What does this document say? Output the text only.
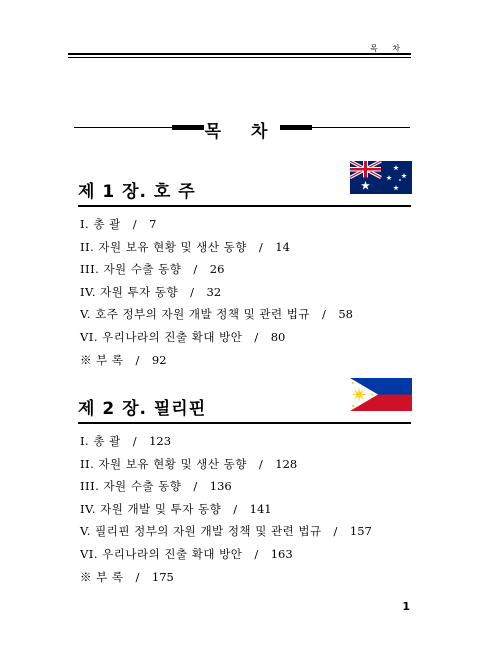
목 차
목 차
제 1 장. 호 주
I. 총 괄 / 7
II. 자원 보유 현황 및 생산 동향 / 14
III. 자원 수출 동향 / 26
IV. 자원 투자 동향 / 32
V. 호주 정부의 자원 개발 정책 및 관련 법규 / 58
VI. 우리나라의 진출 확대 방안 / 80
※ 부 록 / 92
제 2 장. 필리핀
I. 총 괄 / 123
II. 자원 보유 현황 및 생산 동향 / 128
III. 자원 수출 동향 / 136
IV. 자원 개발 및 투자 동향 / 141
V. 필리핀 정부의 자원 개발 정책 및 관련 법규 / 157
VI. 우리나라의 진출 확대 방안 / 163
※ 부 록 / 175
1
